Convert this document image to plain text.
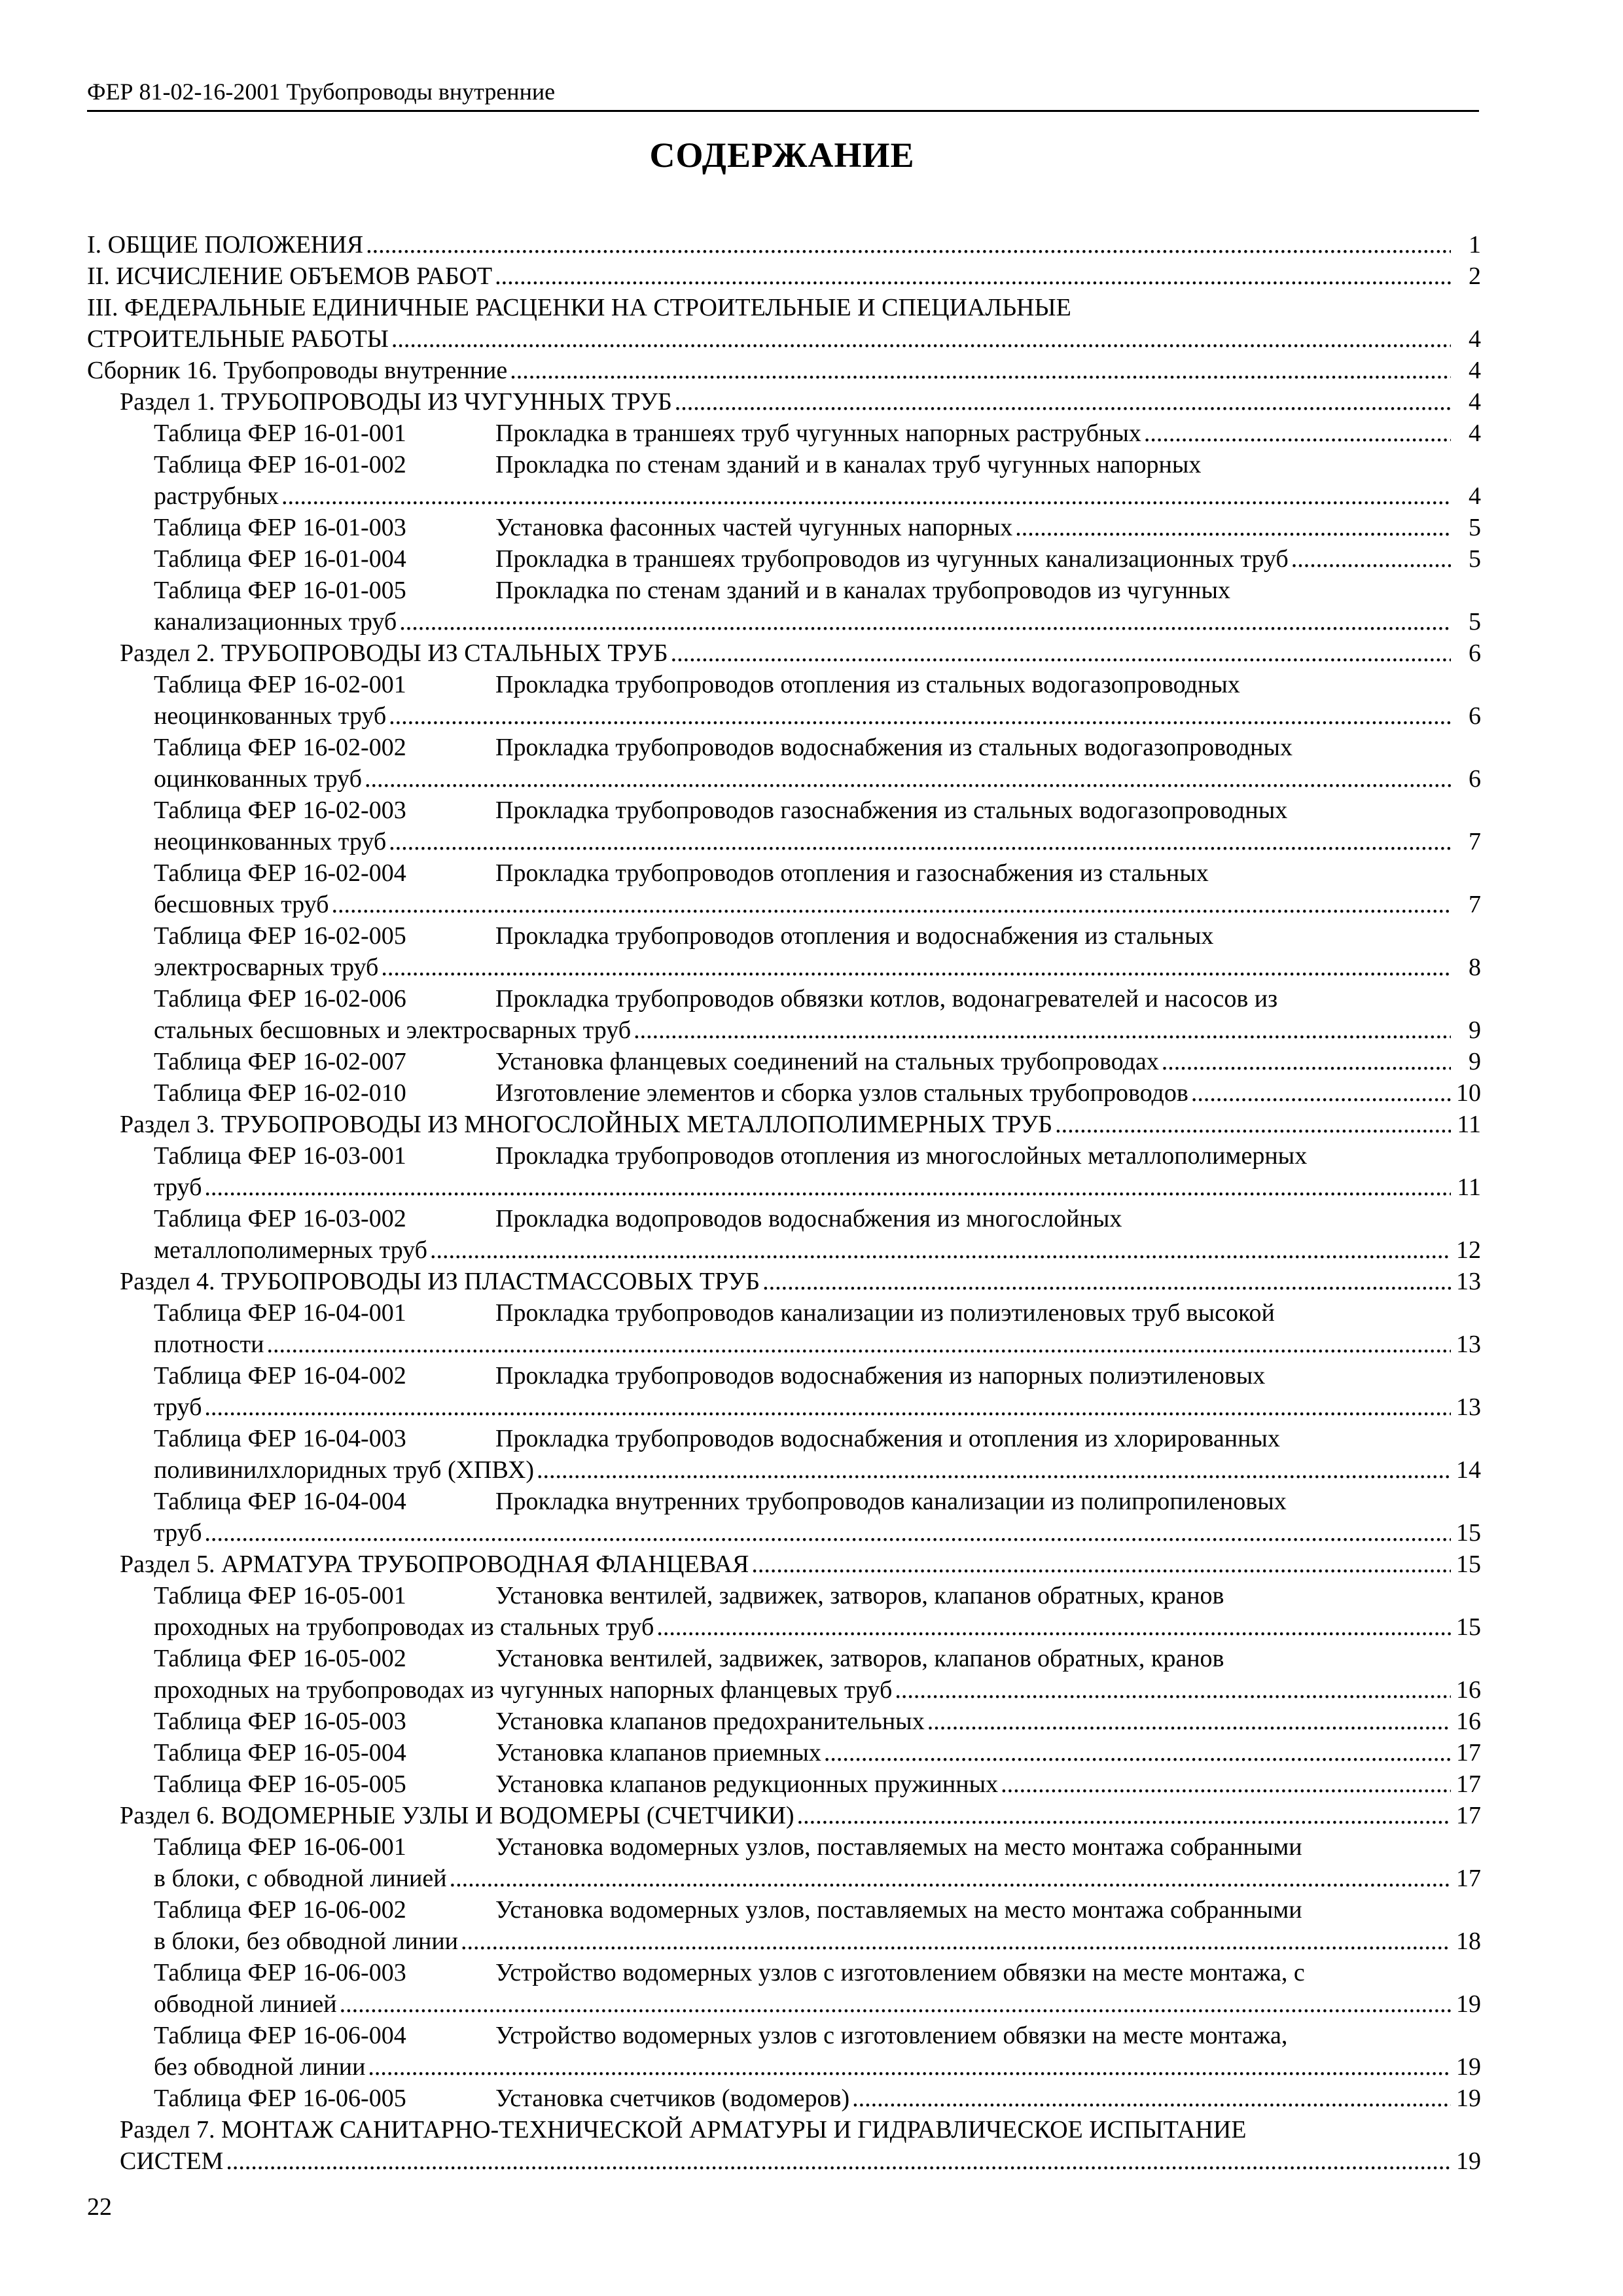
ФЕР 81-02-16-2001 Трубопроводы внутренние
СОДЕРЖАНИЕ
I. ОБЩИЕ ПОЛОЖЕНИЯ .....	1
II. ИСЧИСЛЕНИЕ ОБЪЕМОВ РАБОТ .....	2
III. ФЕДЕРАЛЬНЫЕ ЕДИНИЧНЫЕ РАСЦЕНКИ НА СТРОИТЕЛЬНЫЕ И СПЕЦИАЛЬНЫЕ
СТРОИТЕЛЬНЫЕ РАБОТЫ .....	4
Сборник 16. Трубопроводы внутренние .....	4
Раздел 1. ТРУБОПРОВОДЫ ИЗ ЧУГУННЫХ ТРУБ .....	4
Таблица ФЕР 16-01-001	Прокладка в траншеях труб чугунных напорных раструбных .....	4
Таблица ФЕР 16-01-002	Прокладка по стенам зданий и в каналах труб чугунных напорных
раструбных .....	4
Таблица ФЕР 16-01-003	Установка фасонных частей чугунных напорных .....	5
Таблица ФЕР 16-01-004	Прокладка в траншеях трубопроводов из чугунных канализационных труб .....	5
Таблица ФЕР 16-01-005	Прокладка по стенам зданий и в каналах трубопроводов из чугунных
канализационных труб .....	5
Раздел 2. ТРУБОПРОВОДЫ ИЗ СТАЛЬНЫХ ТРУБ .....	6
Таблица ФЕР 16-02-001	Прокладка трубопроводов отопления из стальных водогазопроводных
неоцинкованных труб .....	6
Таблица ФЕР 16-02-002	Прокладка трубопроводов водоснабжения из стальных водогазопроводных
оцинкованных труб .....	6
Таблица ФЕР 16-02-003	Прокладка трубопроводов газоснабжения из стальных водогазопроводных
неоцинкованных труб .....	7
Таблица ФЕР 16-02-004	Прокладка трубопроводов отопления и газоснабжения из стальных
бесшовных труб .....	7
Таблица ФЕР 16-02-005	Прокладка трубопроводов отопления и водоснабжения из стальных
электросварных труб .....	8
Таблица ФЕР 16-02-006	Прокладка трубопроводов обвязки котлов, водонагревателей и насосов из
стальных бесшовных и электросварных труб .....	9
Таблица ФЕР 16-02-007	Установка фланцевых соединений на стальных трубопроводах .....	9
Таблица ФЕР 16-02-010	Изготовление элементов и сборка узлов стальных трубопроводов .....	10
Раздел 3. ТРУБОПРОВОДЫ ИЗ МНОГОСЛОЙНЫХ МЕТАЛЛОПОЛИМЕРНЫХ ТРУБ .....	11
Таблица ФЕР 16-03-001	Прокладка трубопроводов отопления из многослойных металлополимерных
труб .....	11
Таблица ФЕР 16-03-002	Прокладка водопроводов водоснабжения из многослойных
металлополимерных труб .....	12
Раздел 4. ТРУБОПРОВОДЫ ИЗ ПЛАСТМАССОВЫХ ТРУБ .....	13
Таблица ФЕР 16-04-001	Прокладка трубопроводов канализации из полиэтиленовых труб высокой
плотности .....	13
Таблица ФЕР 16-04-002	Прокладка трубопроводов водоснабжения из напорных полиэтиленовых
труб .....	13
Таблица ФЕР 16-04-003	Прокладка трубопроводов водоснабжения и отопления из хлорированных
поливинилхлоридных труб (ХПВХ) .....	14
Таблица ФЕР 16-04-004	Прокладка внутренних трубопроводов канализации из полипропиленовых
труб .....	15
Раздел 5. АРМАТУРА ТРУБОПРОВОДНАЯ ФЛАНЦЕВАЯ .....	15
Таблица ФЕР 16-05-001	Установка вентилей, задвижек, затворов, клапанов обратных, кранов
проходных на трубопроводах из стальных труб .....	15
Таблица ФЕР 16-05-002	Установка вентилей, задвижек, затворов, клапанов обратных, кранов
проходных на трубопроводах из чугунных напорных фланцевых труб .....	16
Таблица ФЕР 16-05-003	Установка клапанов предохранительных .....	16
Таблица ФЕР 16-05-004	Установка клапанов приемных .....	17
Таблица ФЕР 16-05-005	Установка клапанов редукционных пружинных .....	17
Раздел 6. ВОДОМЕРНЫЕ УЗЛЫ И ВОДОМЕРЫ (СЧЕТЧИКИ) .....	17
Таблица ФЕР 16-06-001	Установка водомерных узлов, поставляемых на место монтажа собранными
в блоки, с обводной линией .....	17
Таблица ФЕР 16-06-002	Установка водомерных узлов, поставляемых на место монтажа собранными
в блоки, без обводной линии .....	18
Таблица ФЕР 16-06-003	Устройство водомерных узлов с изготовлением обвязки на месте монтажа, с
обводной линией .....	19
Таблица ФЕР 16-06-004	Устройство водомерных узлов с изготовлением обвязки на месте монтажа,
без обводной линии .....	19
Таблица ФЕР 16-06-005	Установка счетчиков (водомеров) .....	19
Раздел 7. МОНТАЖ САНИТАРНО-ТЕХНИЧЕСКОЙ АРМАТУРЫ И ГИДРАВЛИЧЕСКОЕ ИСПЫТАНИЕ
СИСТЕМ .....	19
22
